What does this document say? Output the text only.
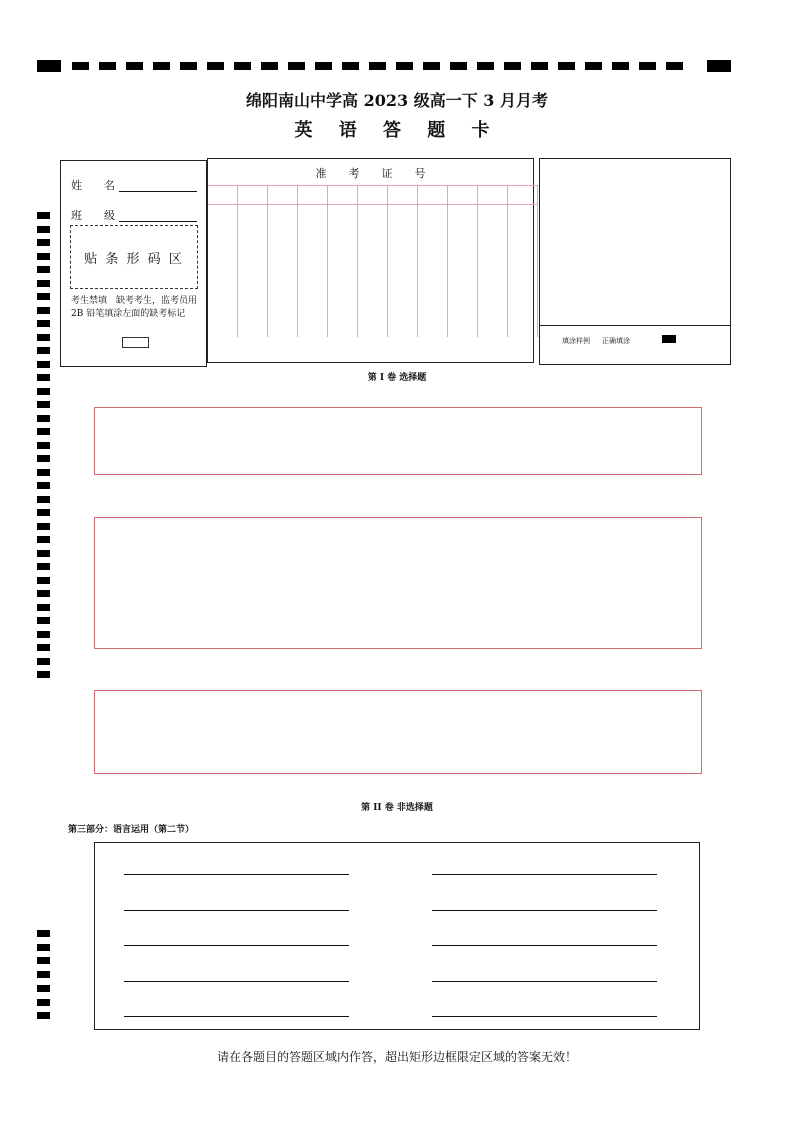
绵阳南山中学高 2023 级高一下 3 月月考
英 语 答 题 卡
姓　　名
班　　级
贴 条 形 码 区
考生禁填　缺考考生，监考员用 2B 铅笔填涂左面的缺考标记
准　　考　　证　　号
填涂样例 正确填涂
第 I 卷 选择题
第 II 卷 非选择题
第三部分：语言运用（第二节）
请在各题目的答题区域内作答，超出矩形边框限定区域的答案无效！
